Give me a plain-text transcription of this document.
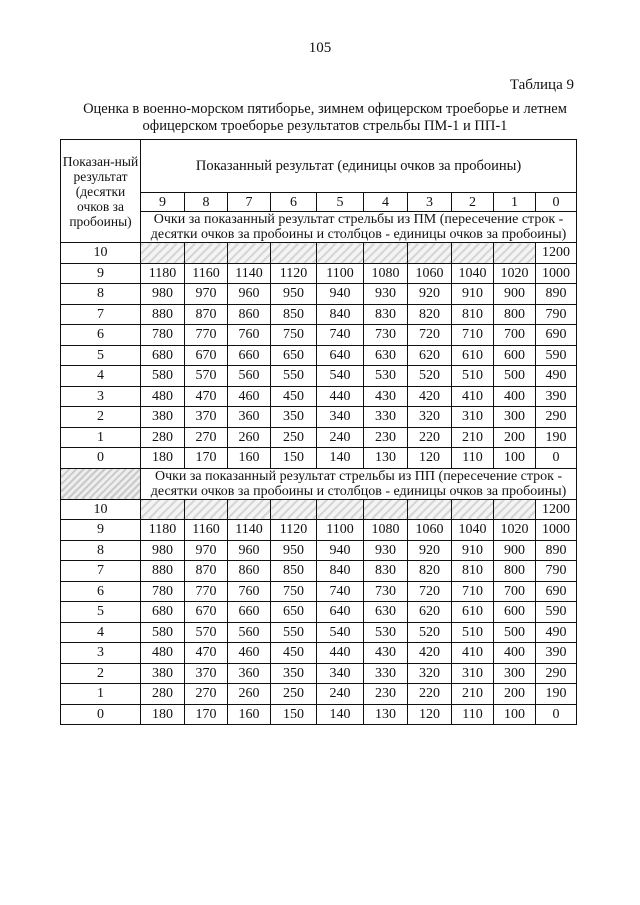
105
Таблица 9
Оценка в военно-морском пятиборье, зимнем офицерском троеборье и летнем
офицерском троеборье результатов стрельбы ПМ-1 и ПП-1
Показан-ный результат (десятки очков за пробоины)	Показанный результат (единицы очков за пробоины)									
	9	8	7	6	5	4	3	2	1	0
	Очки за показанный результат стрельбы из ПМ (пересечение строк - десятки очков за пробоины и столбцов - единицы очков за пробоины)									
10										1200
9	1180	1160	1140	1120	1100	1080	1060	1040	1020	1000
8	980	970	960	950	940	930	920	910	900	890
7	880	870	860	850	840	830	820	810	800	790
6	780	770	760	750	740	730	720	710	700	690
5	680	670	660	650	640	630	620	610	600	590
4	580	570	560	550	540	530	520	510	500	490
3	480	470	460	450	440	430	420	410	400	390
2	380	370	360	350	340	330	320	310	300	290
1	280	270	260	250	240	230	220	210	200	190
0	180	170	160	150	140	130	120	110	100	0
	Очки за показанный результат стрельбы из ПП (пересечение строк - десятки очков за пробоины и столбцов - единицы очков за пробоины)									
10										1200
9	1180	1160	1140	1120	1100	1080	1060	1040	1020	1000
8	980	970	960	950	940	930	920	910	900	890
7	880	870	860	850	840	830	820	810	800	790
6	780	770	760	750	740	730	720	710	700	690
5	680	670	660	650	640	630	620	610	600	590
4	580	570	560	550	540	530	520	510	500	490
3	480	470	460	450	440	430	420	410	400	390
2	380	370	360	350	340	330	320	310	300	290
1	280	270	260	250	240	230	220	210	200	190
0	180	170	160	150	140	130	120	110	100	0
